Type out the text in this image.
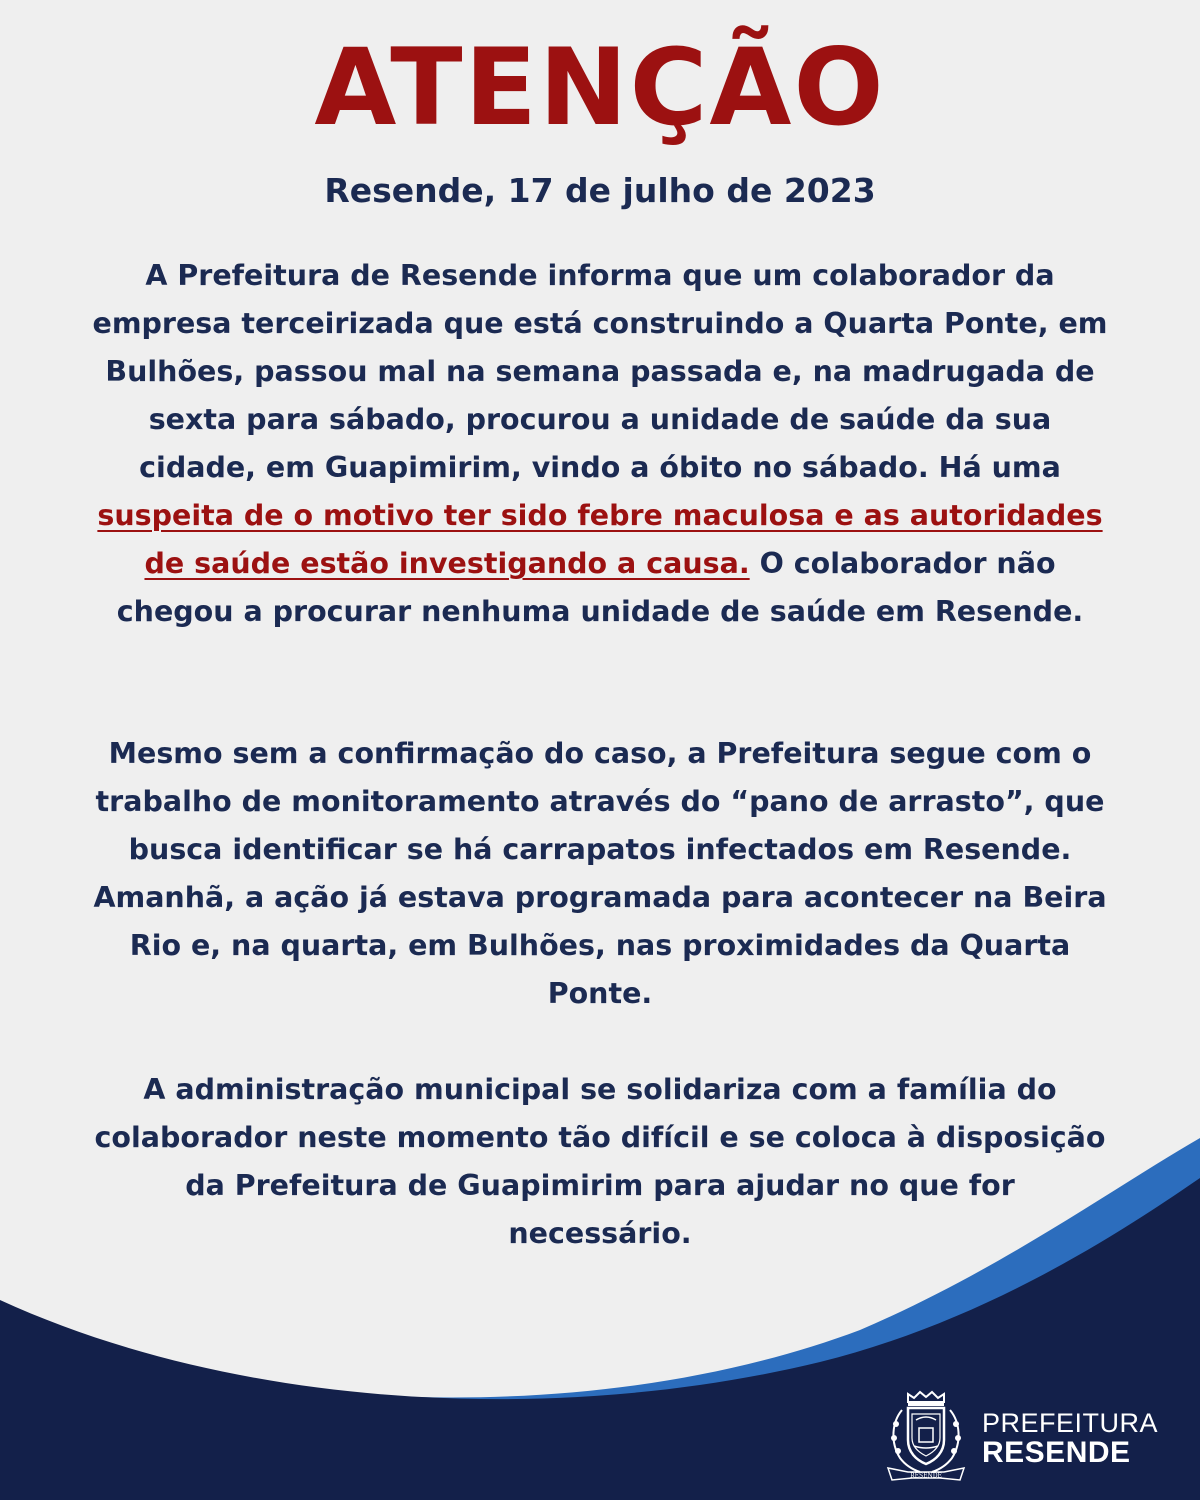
ATENÇÃO

Resende, 17 de julho de 2023

A Prefeitura de Resende informa que um colaborador da empresa terceirizada que está construindo a Quarta Ponte, em Bulhões, passou mal na semana passada e, na madrugada de sexta para sábado, procurou a unidade de saúde da sua cidade, em Guapimirim, vindo a óbito no sábado. Há uma suspeita de o motivo ter sido febre maculosa e as autoridades de saúde estão investigando a causa. O colaborador não chegou a procurar nenhuma unidade de saúde em Resende.

Mesmo sem a confirmação do caso, a Prefeitura segue com o trabalho de monitoramento através do “pano de arrasto”, que busca identificar se há carrapatos infectados em Resende. Amanhã, a ação já estava programada para acontecer na Beira Rio e, na quarta, em Bulhões, nas proximidades da Quarta Ponte.

A administração municipal se solidariza com a família do colaborador neste momento tão difícil e se coloca à disposição da Prefeitura de Guapimirim para ajudar no que for necessário.

RESENDE

PREFEITURA

RESENDE
